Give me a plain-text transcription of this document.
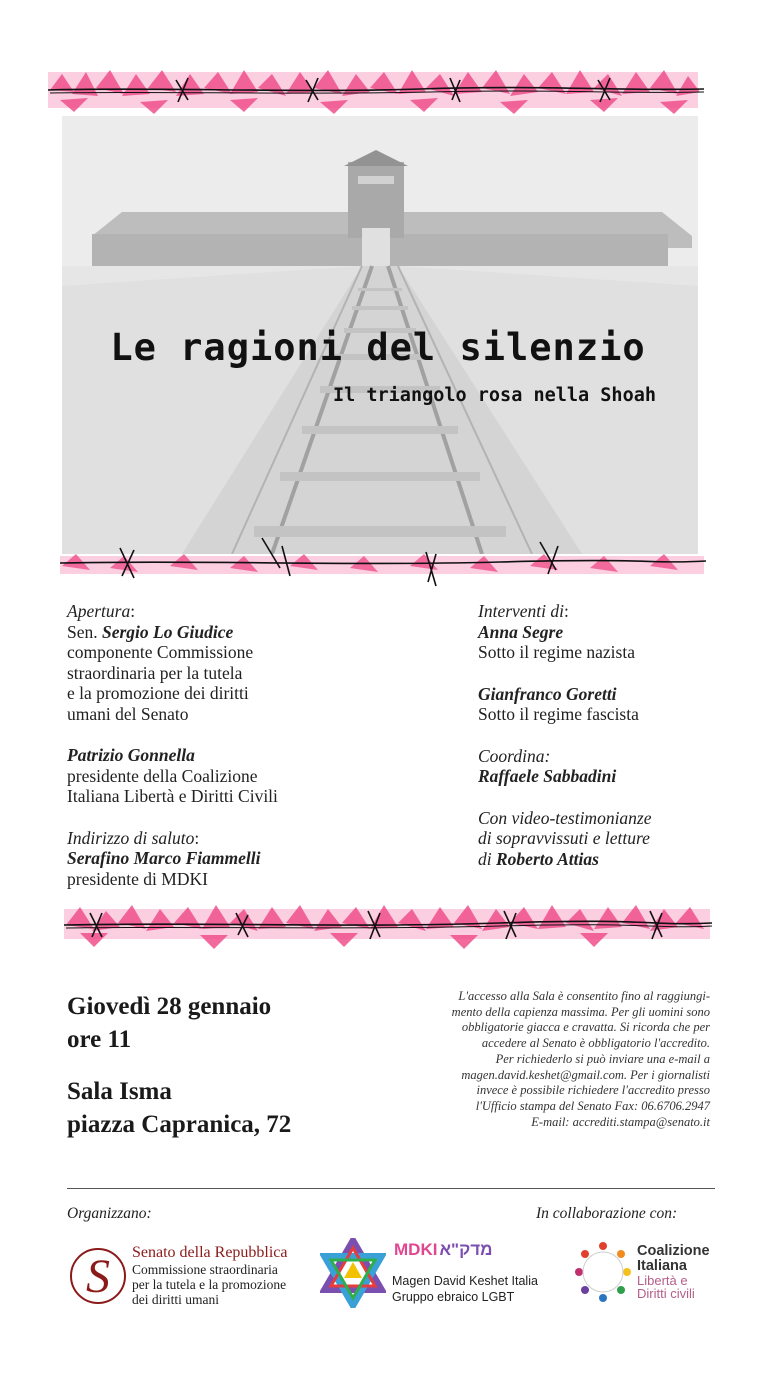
Le ragioni del silenzio
Il triangolo rosa nella Shoah
Apertura:
Sen. Sergio Lo Giudice
componente Commissione
straordinaria per la tutela
e la promozione dei diritti
umani del Senato
Patrizio Gonnella
presidente della Coalizione
Italiana Libertà e Diritti Civili
Indirizzo di saluto:
Serafino Marco Fiammelli
presidente di MDKI
Interventi di:
Anna Segre
Sotto il regime nazista
Gianfranco Goretti
Sotto il regime fascista
Coordina:
Raffaele Sabbadini
Con video-testimonianze
di sopravvissuti e letture
di Roberto Attias
Giovedì 28 gennaio
ore 11
Sala Isma
piazza Capranica, 72
L'accesso alla Sala è consentito fino al raggiungi-
mento della capienza massima. Per gli uomini sono
obbligatorie giacca e cravatta. Si ricorda che per
accedere al Senato è obbligatorio l'accredito.
Per richiederlo si può inviare una e-mail a
magen.david.keshet@gmail.com. Per i giornalisti
invece è possibile richiedere l'accredito presso
l'Ufficio stampa del Senato Fax: 06.6706.2947
E-mail: accrediti.stampa@senato.it
Organizzano:	In collaborazione con:
S Senato della Repubblica
Commissione straordinaria
per la tutela e la promozione
dei diritti umani
MDKI מדק"א
Magen David Keshet Italia
Gruppo ebraico LGBT
Coalizione
Italiana
Libertà e
Diritti civili
